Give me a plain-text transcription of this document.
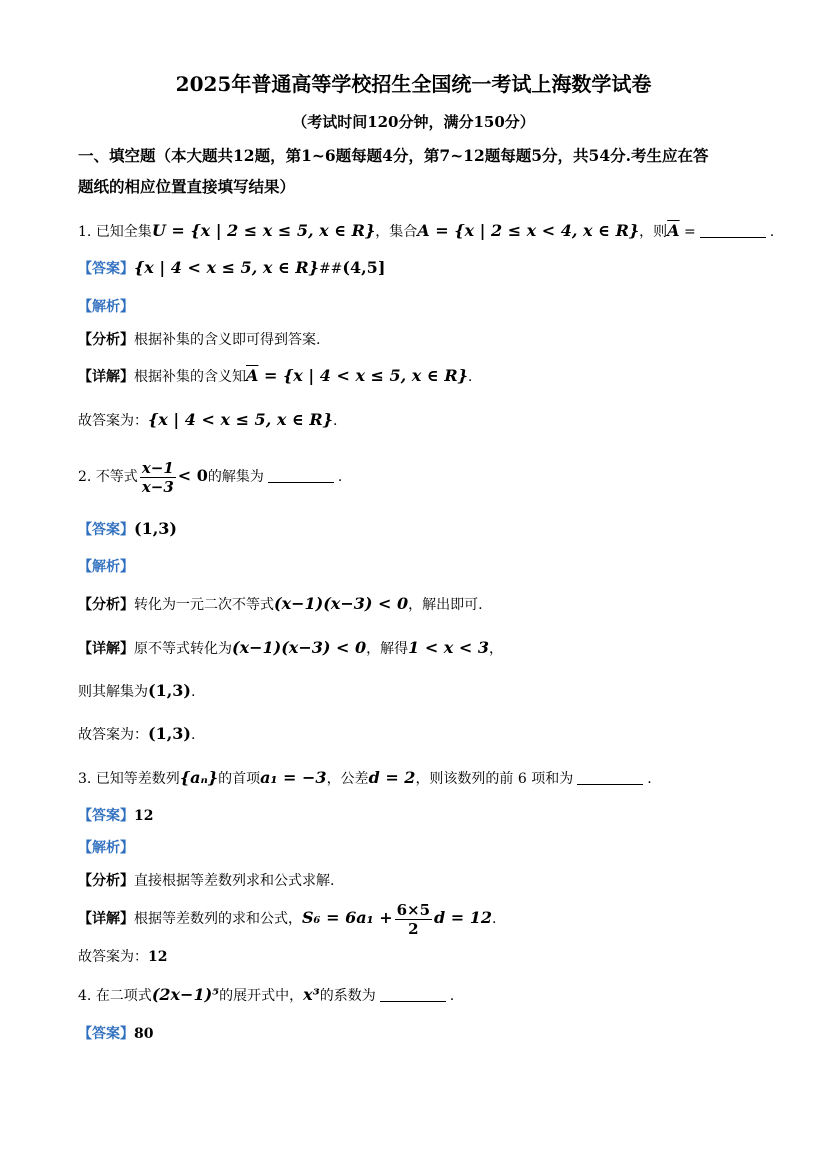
2025年普通高等学校招生全国统一考试上海数学试卷
（考试时间120分钟，满分150分）
一、填空题（本大题共12题，第1~6题每题4分，第7~12题每题5分，共54分.考生应在答
题纸的相应位置直接填写结果）
1. 已知全集U = {x | 2 ≤ x ≤ 5, x ∈ R}，集合A = {x | 2 ≤ x < 4, x ∈ R}，则$\overline{A}$ =	.
【答案】{x | 4 < x ≤ 5, x ∈ R}##(4,5]
【解析】
【分析】根据补集的含义即可得到答案.
【详解】根据补集的含义知$\overline{A} = \{x$ | 4 < x ≤ 5, x ∈ R}.
故答案为：{x | 4 < x ≤ 5, x ∈ R}.
2. 不等式 $\frac{x-1}{x-3} < 0$的解集为	.
【答案】(1,3)
【解析】
【分析】转化为一元二次不等式(x−1)(x−3) < 0，解出即可.
【详解】原不等式转化为(x−1)(x−3) < 0，解得1 < x < 3，
则其解集为(1,3).
故答案为：(1,3).
3. 已知等差数列{aₙ}的首项a₁ = −3，公差d = 2，则该数列的前 6 项和为	.
【答案】12
【解析】
【分析】直接根据等差数列求和公式求解.
【详解】根据等差数列的求和公式，$S_6 = 6a_1 + \frac{6\times 5}{2}$ d = 12.
故答案为：12
4. 在二项式(2x−1)⁵的展开式中，x³的系数为	.
【答案】80
